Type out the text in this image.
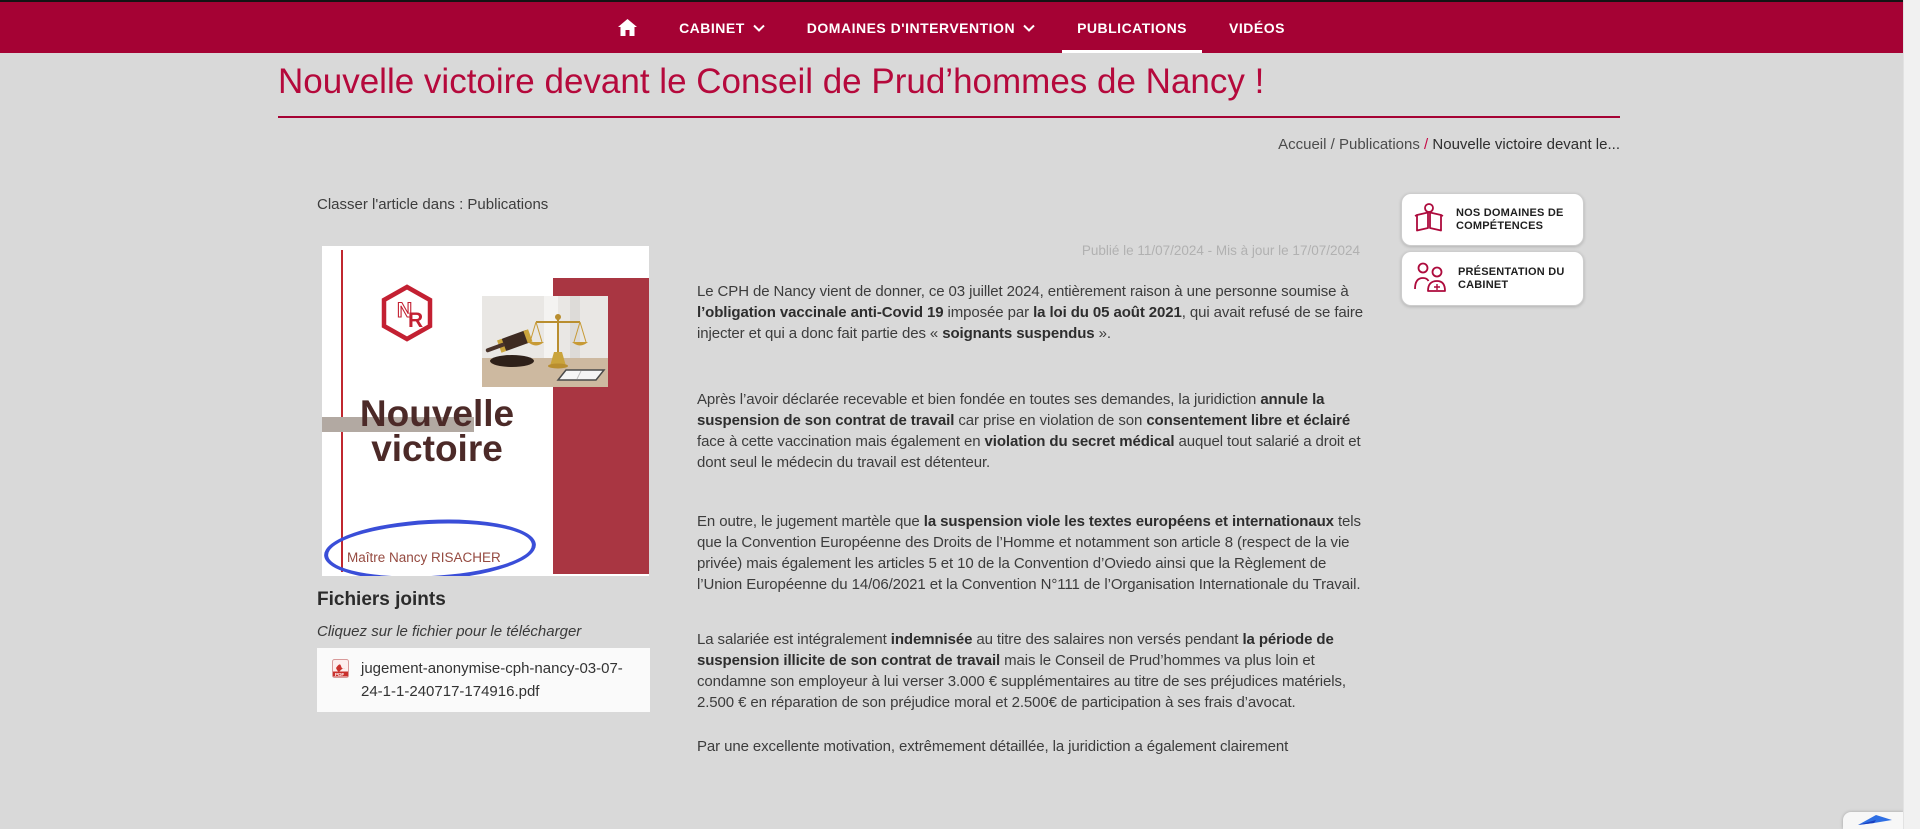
CABINET	DOMAINES D'INTERVENTION	PUBLICATIONS	VIDÉOS
Nouvelle victoire devant le Conseil de Prud’hommes de Nancy !
Accueil / Publications / Nouvelle victoire devant le...
Classer l'article dans : Publications
Publié le 11/07/2024 - Mis à jour le 17/07/2024
N
R
Nouvelle
victoire
Maître Nancy RISACHER
Fichiers joints
Cliquez sur le fichier pour le télécharger
PDF jugement-anonymise-cph-nancy-03-07-24-1-1-240717-174916.pdf

Le CPH de Nancy vient de donner, ce 03 juillet 2024, entièrement raison à une personne soumise à l’obligation vaccinale anti-Covid 19 imposée par la loi du 05 août 2021, qui avait refusé de se faire injecter et qui a donc fait partie des « soignants suspendus ».

Après l’avoir déclarée recevable et bien fondée en toutes ses demandes, la juridiction annule la suspension de son contrat de travail car prise en violation de son consentement libre et éclairé face à cette vaccination mais également en violation du secret médical auquel tout salarié a droit et dont seul le médecin du travail est détenteur.

En outre, le jugement martèle que la suspension viole les textes européens et internationaux tels que la Convention Européenne des Droits de l’Homme et notamment son article 8 (respect de la vie privée) mais également les articles 5 et 10 de la Convention d’Oviedo ainsi que la Règlement de l’Union Européenne du 14/06/2021 et la Convention N°111 de l’Organisation Internationale du Travail.

La salariée est intégralement indemnisée au titre des salaires non versés pendant la période de suspension illicite de son contrat de travail mais le Conseil de Prud’hommes va plus loin et condamne son employeur à lui verser 3.000 € supplémentaires au titre de ses préjudices matériels, 2.500 € en réparation de son préjudice moral et 2.500€ de participation à ses frais d’avocat.

Par une excellente motivation, extrêmement détaillée, la juridiction a également clairement

NOS DOMAINES DE COMPÉTENCES
PRÉSENTATION DU CABINET
